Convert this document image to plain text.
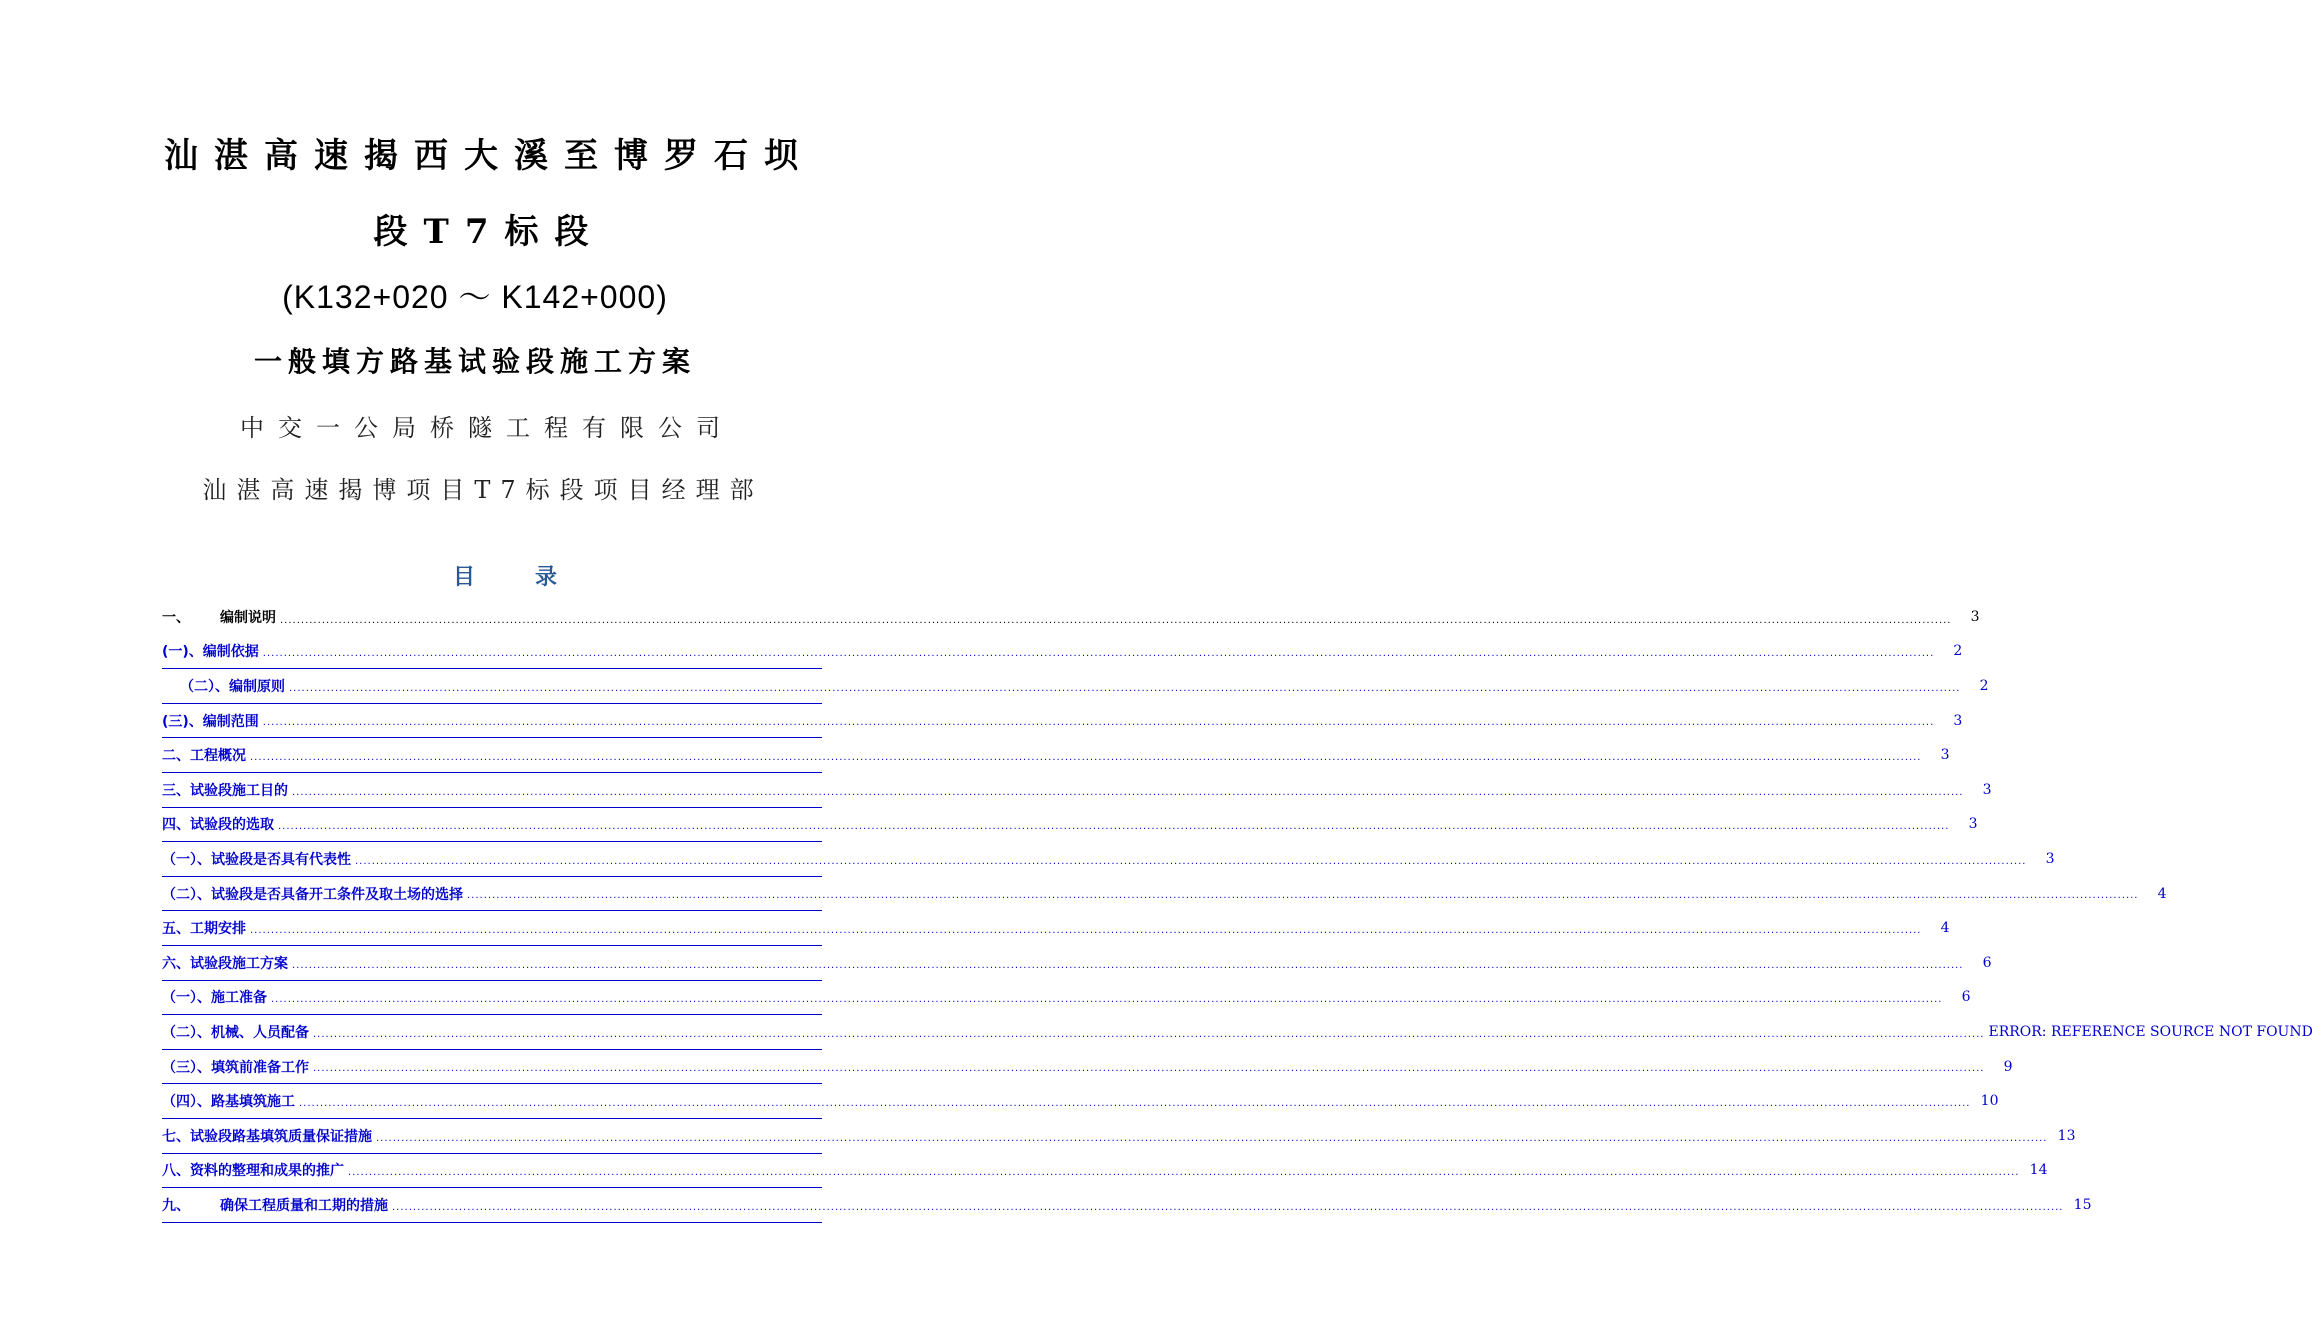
汕湛高速揭西大溪至博罗石坝
段T7标段
(K132+020 ～ K142+000)
一般填方路基试验段施工方案
中交一公局桥隧工程有限公司
汕湛高速揭博项目T7标段项目经理部
目录
一、 编制说明 ................................................................................................................................................................................................................................................................................................................................................................................................................	3
(一)、编制依据 ................................................................................................................................................................................................................................................................................................................................................................................................................	2
（二）、编制原则 ................................................................................................................................................................................................................................................................................................................................................................................................................	2
(三)、编制范围 ................................................................................................................................................................................................................................................................................................................................................................................................................	3
二、工程概况 ................................................................................................................................................................................................................................................................................................................................................................................................................	3
三、试验段施工目的 ................................................................................................................................................................................................................................................................................................................................................................................................................	3
四、试验段的选取 ................................................................................................................................................................................................................................................................................................................................................................................................................	3
（一）、试验段是否具有代表性 ................................................................................................................................................................................................................................................................................................................................................................................................................	3
（二）、试验段是否具备开工条件及取土场的选择 ................................................................................................................................................................................................................................................................................................................................................................................................................	4
五、工期安排 ................................................................................................................................................................................................................................................................................................................................................................................................................	4
六、试验段施工方案 ................................................................................................................................................................................................................................................................................................................................................................................................................	6
（一）、施工准备 ................................................................................................................................................................................................................................................................................................................................................................................................................	6
（二）、机械、人员配备 ................................................................................................................................................................................................................................................................................................................................................................................................................ ERROR: REFERENCE SOURCE NOT FOUND
（三）、填筑前准备工作 ................................................................................................................................................................................................................................................................................................................................................................................................................	9
（四）、路基填筑施工 ................................................................................................................................................................................................................................................................................................................................................................................................................ 10
七、试验段路基填筑质量保证措施 ................................................................................................................................................................................................................................................................................................................................................................................................................ 13
八、资料的整理和成果的推广 ................................................................................................................................................................................................................................................................................................................................................................................................................ 14
九、 确保工程质量和工期的措施 ................................................................................................................................................................................................................................................................................................................................................................................................................ 15
